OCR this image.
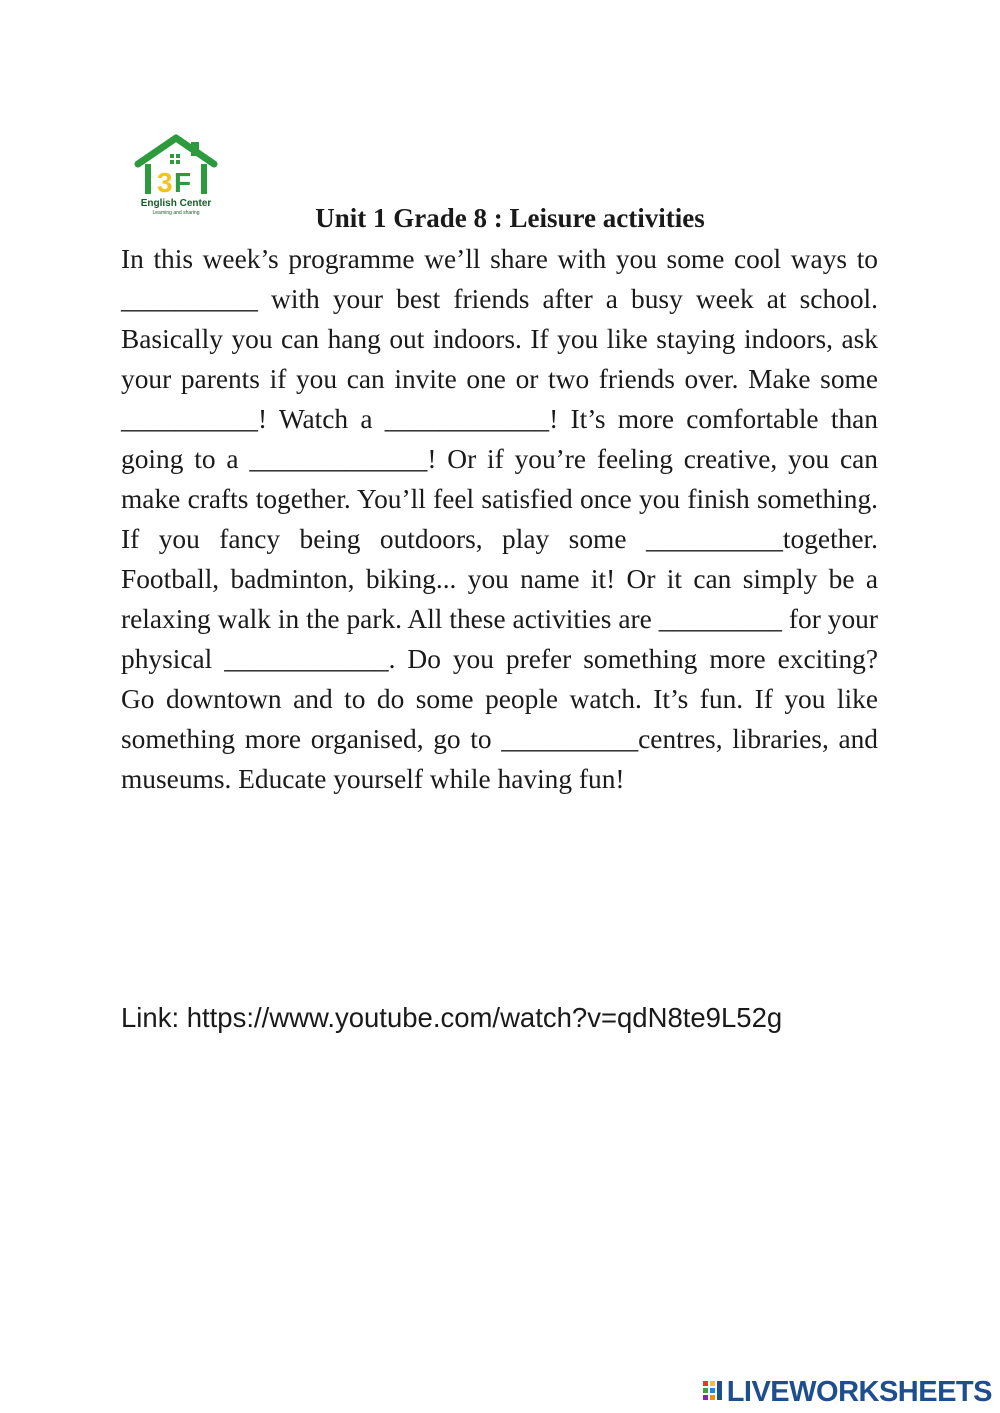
3 F
English Center
Learning and sharing	Unit 1 Grade 8 : Leisure activities

In this week’s programme we’ll share with you some cool ways to __________ with your best friends after a busy week at school. Basically you can hang out indoors. If you like staying indoors, ask your parents if you can invite one or two friends over. Make some __________! Watch a ____________! It’s more comfortable than going to a _____________! Or if you’re feeling creative, you can make crafts together. You’ll feel satisfied once you finish something. If you fancy being outdoors, play some __________together. Football, badminton, biking... you name it! Or it can simply be a relaxing walk in the park. All these activities are _________ for your physical ____________. Do you prefer something more exciting? Go downtown and to do some people watch. It’s fun. If you like something more organised, go to __________centres, libraries, and museums. Educate yourself while having fun!

Link: https://www.youtube.com/watch?v=qdN8te9L52g

LIVEWORKSHEETS
